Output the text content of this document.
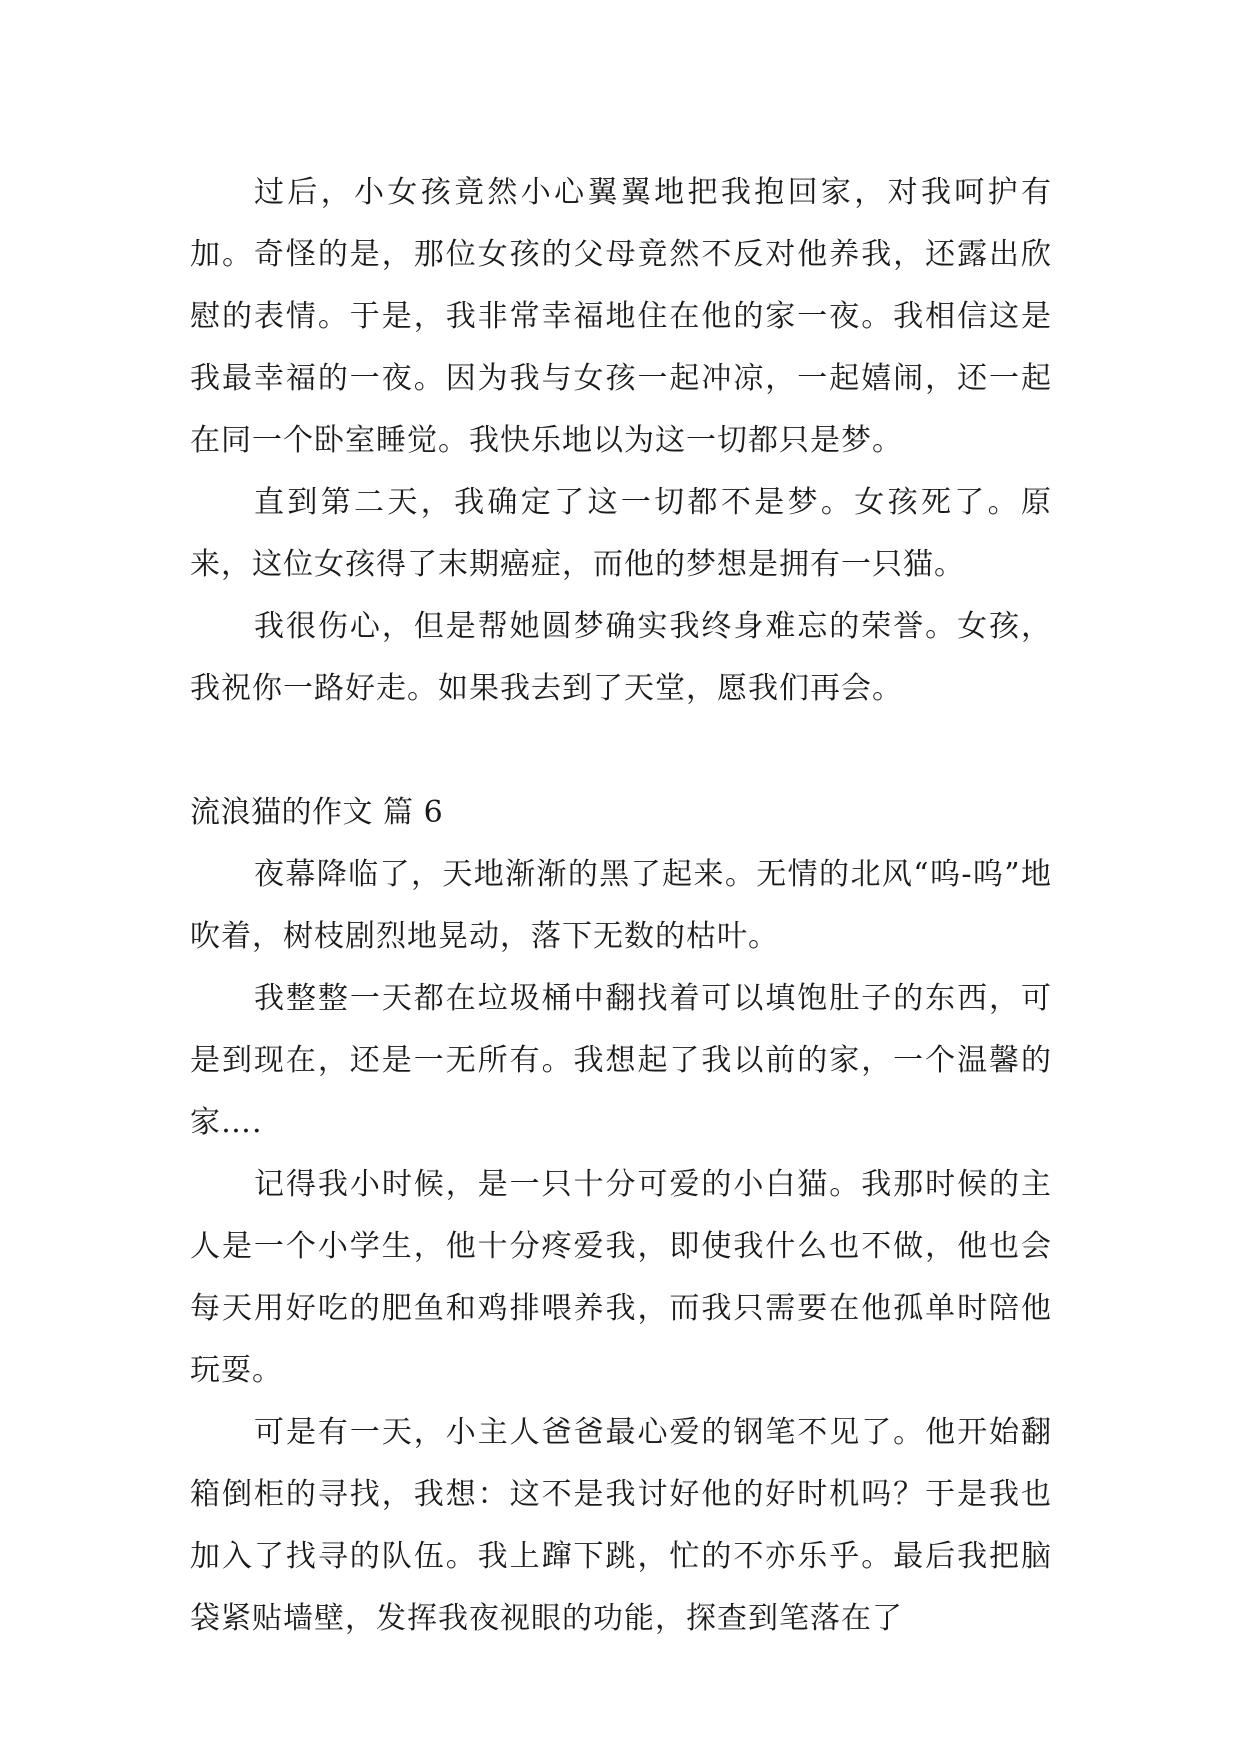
过后，小女孩竟然小心翼翼地把我抱回家，对我呵护有加。奇怪的是，那位女孩的父母竟然不反对他养我，还露出欣慰的表情。于是，我非常幸福地住在他的家一夜。我相信这是我最幸福的一夜。因为我与女孩一起冲凉，一起嬉闹，还一起在同一个卧室睡觉。我快乐地以为这一切都只是梦。

直到第二天，我确定了这一切都不是梦。女孩死了。原来，这位女孩得了末期癌症，而他的梦想是拥有一只猫。

我很伤心，但是帮她圆梦确实我终身难忘的荣誉。女孩，我祝你一路好走。如果我去到了天堂，愿我们再会。

流浪猫的作文 篇 6

夜幕降临了，天地渐渐的黑了起来。无情的北风“呜-呜”地吹着，树枝剧烈地晃动，落下无数的枯叶。

我整整一天都在垃圾桶中翻找着可以填饱肚子的东西，可是到现在，还是一无所有。我想起了我以前的家，一个温馨的家….

记得我小时候，是一只十分可爱的小白猫。我那时候的主人是一个小学生，他十分疼爱我，即使我什么也不做，他也会每天用好吃的肥鱼和鸡排喂养我，而我只需要在他孤单时陪他玩耍。

可是有一天，小主人爸爸最心爱的钢笔不见了。他开始翻箱倒柜的寻找，我想：这不是我讨好他的好时机吗？于是我也加入了找寻的队伍。我上蹿下跳，忙的不亦乐乎。最后我把脑袋紧贴墙壁，发挥我夜视眼的功能，探查到笔落在了
